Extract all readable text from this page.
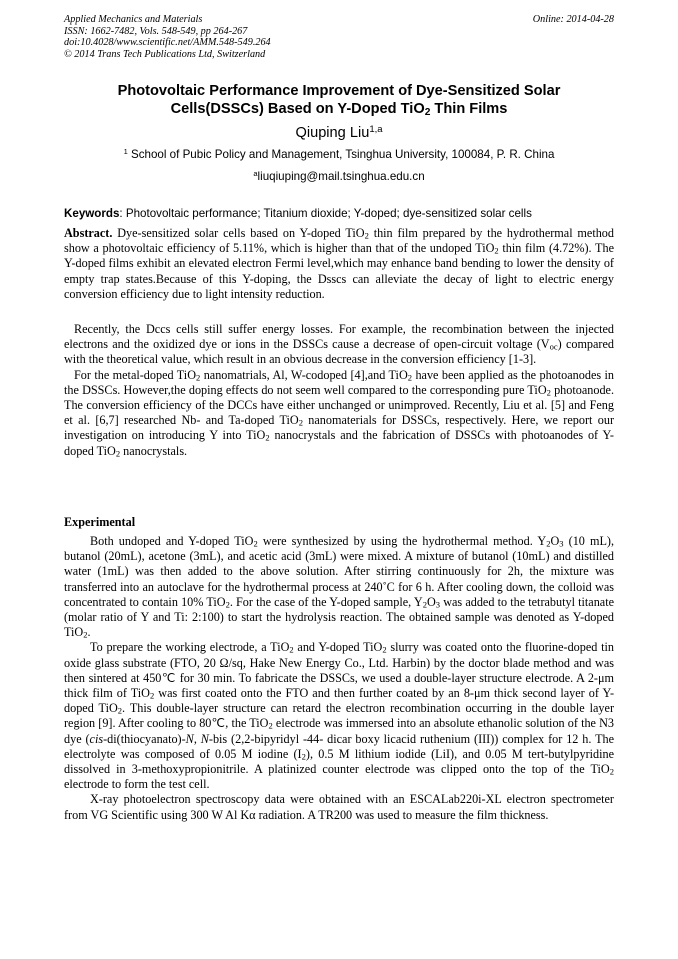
Applied Mechanics and Materials
ISSN: 1662-7482, Vols. 548-549, pp 264-267
doi:10.4028/www.scientific.net/AMM.548-549.264
© 2014 Trans Tech Publications Ltd, Switzerland
Online: 2014-04-28
Photovoltaic Performance Improvement of Dye-Sensitized Solar
Cells(DSSCs) Based on Y-Doped TiO$_2$ Thin Films
Qiuping Liu$^{1,a}$
$^1$ School of Pubic Policy and Management, Tsinghua University, 100084, P. R. China
$^a$liuqiuping@mail.tsinghua.edu.cn
Keywords: Photovoltaic performance; Titanium dioxide; Y-doped; dye-sensitized solar cells

Abstract. Dye-sensitized solar cells based on Y-doped TiO$_2$ thin film prepared by the hydrothermal method show a photovoltaic efficiency of 5.11%, which is higher than that of the undoped TiO$_2$ thin film (4.72%). The Y-doped films exhibit an elevated electron Fermi level,which may enhance band bending to lower the density of empty trap states.Because of this Y-doping, the Dsscs can alleviate the decay of light to electric energy conversion efficiency due to light intensity reduction.

Recently, the Dccs cells still suffer energy losses. For example, the recombination between the injected electrons and the oxidized dye or ions in the DSSCs cause a decrease of open-circuit voltage $(V_{oc})$ compared with the theoretical value, which result in an obvious decrease in the conversion efficiency [1-3].

For the metal-doped TiO$_2$ nanomatrials, Al, W-codoped [4],and TiO$_2$ have been applied as the photoanodes in the DSSCs. However,the doping effects do not seem well compared to the corresponding pure TiO$_2$ photoanode. The conversion efficiency of the DCCs have either unchanged or unimproved. Recently, Liu et al. [5] and Feng et al. [6,7] researched Nb- and Ta-doped TiO$_2$ nanomaterials for DSSCs, respectively. Here, we report our investigation on introducing Y into TiO$_2$ nanocrystals and the fabrication of DSSCs with photoanodes of Y-doped TiO$_2$ nanocrystals.

Experimental

Both undoped and Y-doped TiO$_2$ were synthesized by using the hydrothermal method. $Y_2O_3$ (10 mL), butanol (20mL), acetone (3mL), and acetic acid (3mL) were mixed. A mixture of butanol (10mL) and distilled water (1mL) was then added to the above solution. After stirring continuously for 2h, the mixture was transferred into an autoclave for the hydrothermal process at 240˚C for 6 h. After cooling down, the colloid was concentrated to contain 10% TiO$_2$. For the case of the Y-doped sample, $Y_2O_3$ was added to the tetrabutyl titanate (molar ratio of Y and Ti: 2:100) to start the hydrolysis reaction. The obtained sample was denoted as Y-doped TiO$_2$.

To prepare the working electrode, a TiO$_2$ and Y-doped TiO$_2$ slurry was coated onto the fluorine-doped tin oxide glass substrate (FTO, 20 Ω/sq, Hake New Energy Co., Ltd. Harbin) by the doctor blade method and was then sintered at 450℃ for 30 min. To fabricate the DSSCs, we used a double-layer structure electrode. A 2-μm thick film of TiO$_2$ was first coated onto the FTO and then further coated by an 8-μm thick second layer of Y-doped TiO$_2$. This double-layer structure can retard the electron recombination occurring in the double layer region [9]. After cooling to 80℃, the TiO$_2$ electrode was immersed into an absolute ethanolic solution of the N3 dye (cis-di(thiocyanato)-N, N-bis (2,2-bipyridyl -44- dicar boxy licacid ruthenium (III)) complex for 12 h. The electrolyte was composed of 0.05 M iodine $(I_2)$, 0.5 M lithium iodide (LiI), and 0.05 M tert-butylpyridine dissolved in 3-methoxypropionitrile. A platinized counter electrode was clipped onto the top of the TiO$_2$ electrode to form the test cell.

X-ray photoelectron spectroscopy data were obtained with an ESCALab220i-XL electron spectrometer from VG Scientific using 300 W Al Kα radiation. A TR200 was used to measure the film thickness.
